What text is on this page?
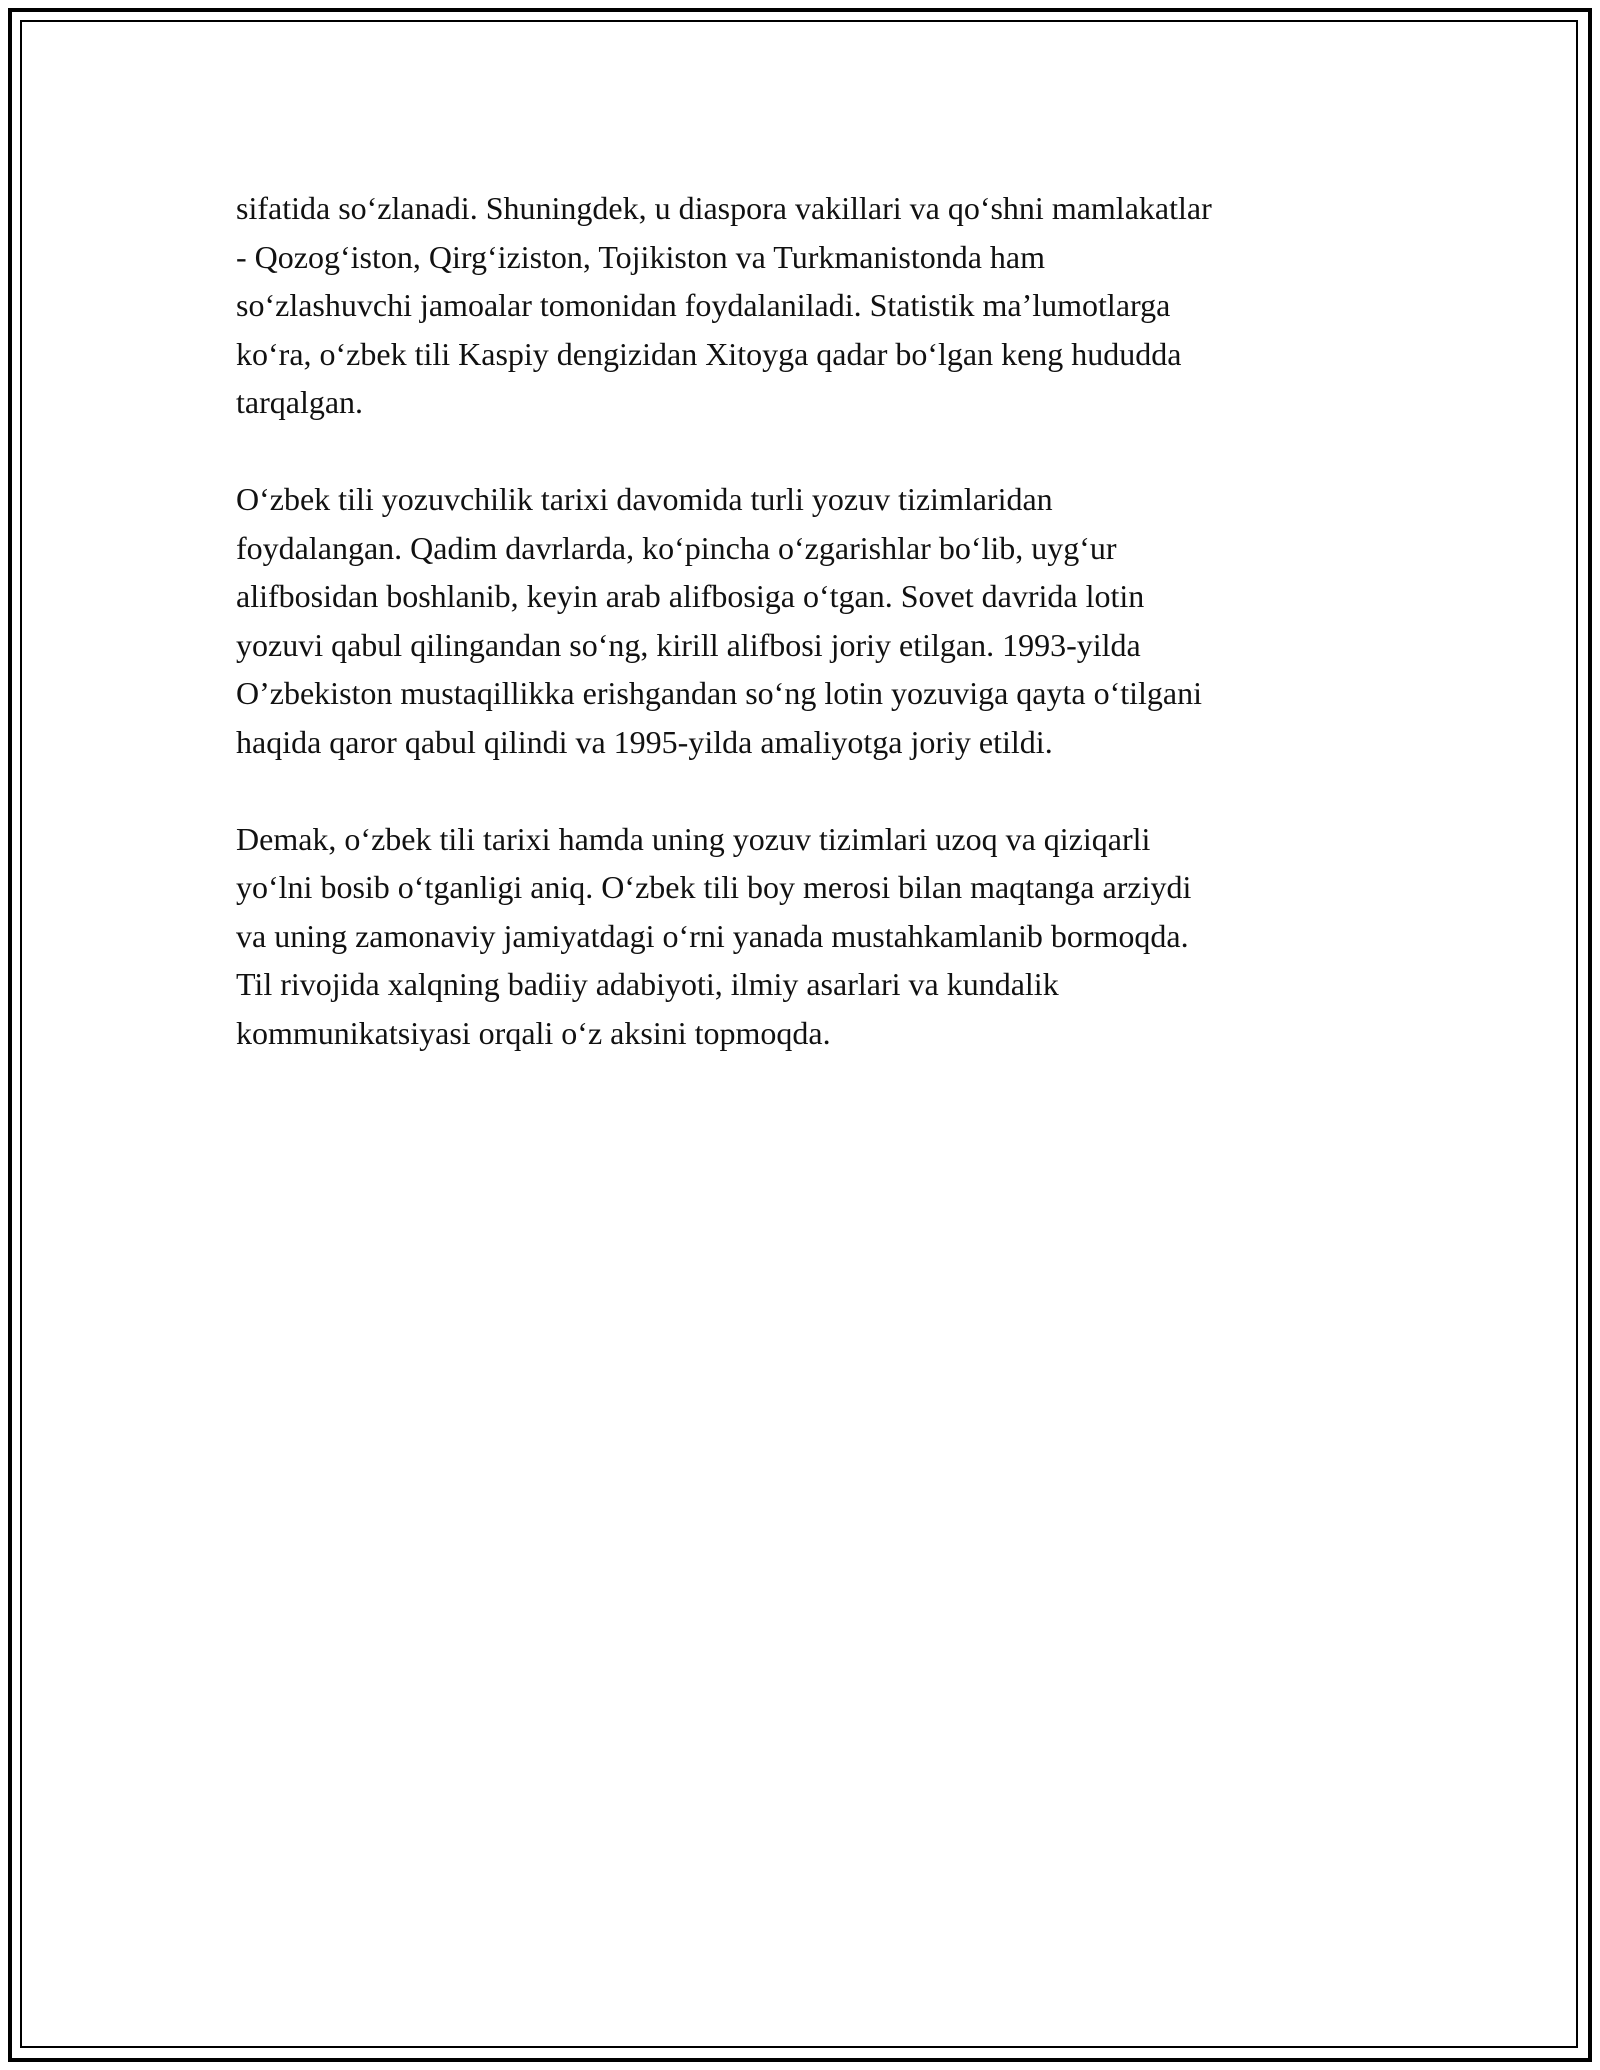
sifatida so‘zlanadi. Shuningdek, u diaspora vakillari va qo‘shni mamlakatlar
- Qozog‘iston, Qirg‘iziston, Tojikiston va Turkmanistonda ham
so‘zlashuvchi jamoalar tomonidan foydalaniladi. Statistik ma’lumotlarga
ko‘ra, o‘zbek tili Kaspiy dengizidan Xitoyga qadar bo‘lgan keng hududda
tarqalgan.

O‘zbek tili yozuvchilik tarixi davomida turli yozuv tizimlaridan
foydalangan. Qadim davrlarda, ko‘pincha o‘zgarishlar bo‘lib, uyg‘ur
alifbosidan boshlanib, keyin arab alifbosiga o‘tgan. Sovet davrida lotin
yozuvi qabul qilingandan so‘ng, kirill alifbosi joriy etilgan. 1993-yilda
O’zbekiston mustaqillikka erishgandan so‘ng lotin yozuviga qayta o‘tilgani
haqida qaror qabul qilindi va 1995-yilda amaliyotga joriy etildi.

Demak, o‘zbek tili tarixi hamda uning yozuv tizimlari uzoq va qiziqarli
yo‘lni bosib o‘tganligi aniq. O‘zbek tili boy merosi bilan maqtanga arziydi
va uning zamonaviy jamiyatdagi o‘rni yanada mustahkamlanib bormoqda.
Til rivojida xalqning badiiy adabiyoti, ilmiy asarlari va kundalik
kommunikatsiyasi orqali o‘z aksini topmoqda.
